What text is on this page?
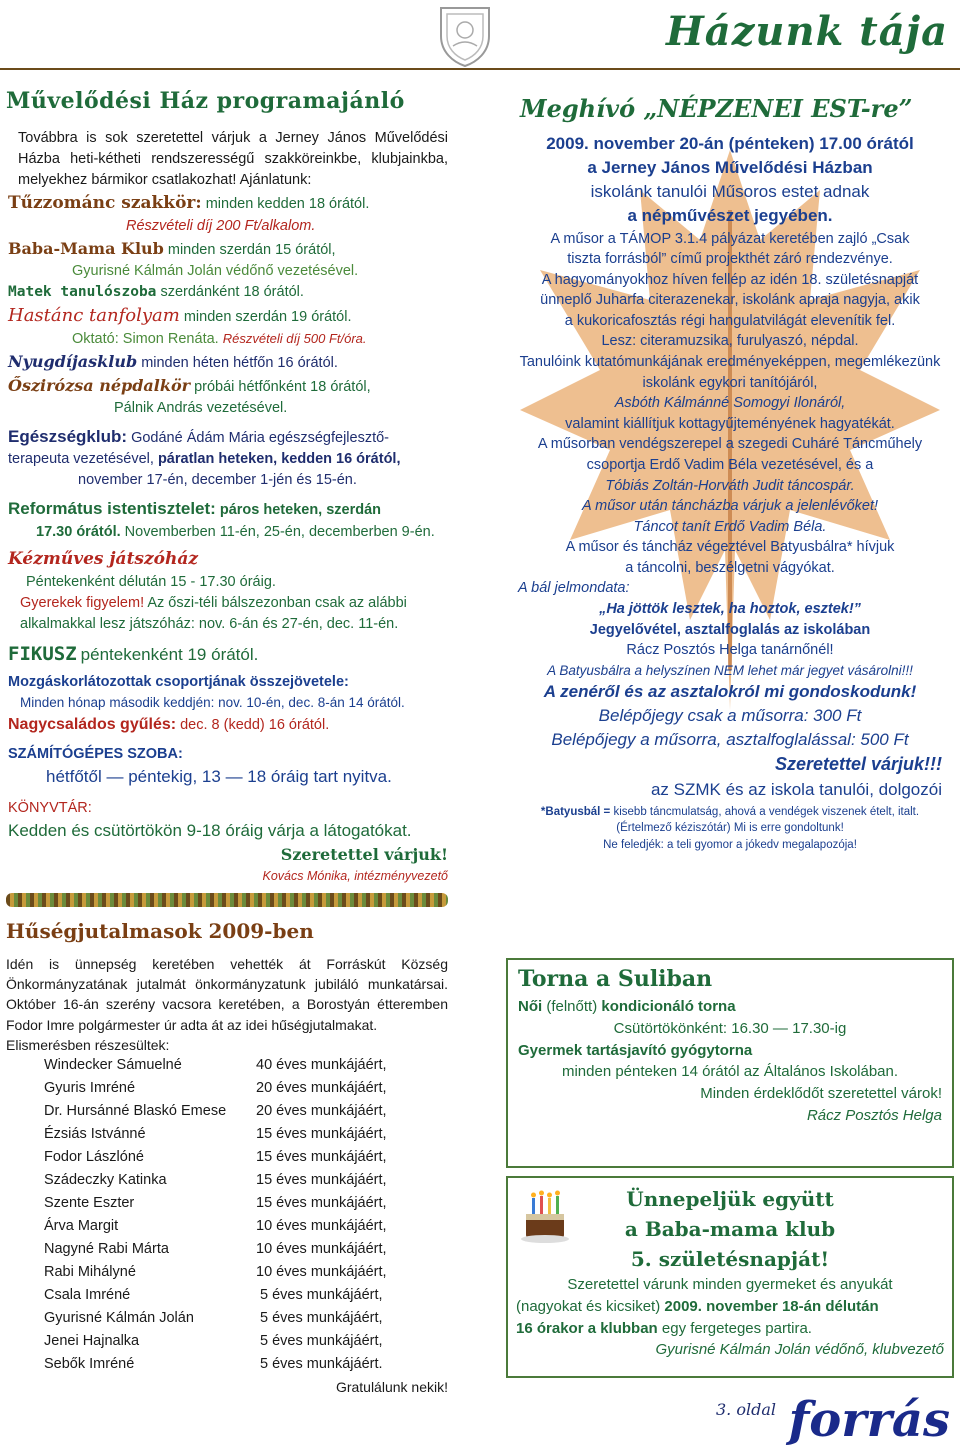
Házunk tája
Művelődési Ház programajánló

Továbbra is sok szeretettel várjuk a Jerney János Művelődési Házba heti-kétheti rendszerességű szakköreinkbe, klubjainkba, melyekhez bármikor csatlakozhat! Ajánlatunk:

Tűzzománc szakkör: minden kedden 18 órától.

Részvételi díj 200 Ft/alkalom.

Baba-Mama Klub minden szerdán 15 órától,

Gyurisné Kálmán Jolán védőnő vezetésével.

Matek tanulószoba szerdánként 18 órától.

Hastánc tanfolyam minden szerdán 19 órától.

Oktató: Simon Renáta. Részvételi díj 500 Ft/óra.

Nyugdíjasklub minden héten hétfőn 16 órától.

Őszirózsa népdalkör próbái hétfőnként 18 órától,

Pálnik András vezetésével.

Egészségklub: Godáné Ádám Mária egészségfejlesztő-

terapeuta vezetésével, páratlan heteken, kedden 16 órától,

november 17-én, december 1-jén és 15-én.

Református istentisztelet: páros heteken, szerdán

17.30 órától. Novemberben 11-én, 25-én, decemberben 9-én.

Kézműves játszóház

Péntekenként délután 15 - 17.30 óráig.

Gyerekek figyelem! Az őszi-téli bálszezonban csak az alábbi

alkalmakkal lesz játszóház: nov. 6-án és 27-én, dec. 11-én.

FIKUSZ péntekenként 19 órától.

Mozgáskorlátozottak csoportjának összejövetele:

Minden hónap második keddjén: nov. 10-én, dec. 8-án 14 órától.

Nagycsaládos gyűlés: dec. 8 (kedd) 16 órától.

SZÁMÍTÓGÉPES SZOBA:

hétfőtől — péntekig, 13 — 18 óráig tart nyitva.

KÖNYVTÁR:

Kedden és csütörtökön 9-18 óráig várja a látogatókat.

Szeretettel várjuk!

Kovács Mónika, intézményvezető

Hűségjutalmasok 2009-ben

Idén is ünnepség keretében vehették át Forráskút Község Önkormányzatának jutalmát önkormányzatunk jubiláló munkatársai. Október 16-án szerény vacsora keretében, a Borostyán étteremben Fodor Imre polgármester úr adta át az idei hűségjutalmakat.

Elismerésben részesültek:

Windecker Sámuelné	40 éves munkájáért,
Gyuris Imréné	20 éves munkájáért,
Dr. Hursánné Blaskó Emese	20 éves munkájáért,
Ézsiás Istvánné	15 éves munkájáért,
Fodor Lászlóné	15 éves munkájáért,
Szádeczky Katinka	15 éves munkájáért,
Szente Eszter	15 éves munkájáért,
Árva Margit	10 éves munkájáért,
Nagyné Rabi Márta	10 éves munkájáért,
Rabi Mihályné	10 éves munkájáért,
Csala Imréné	5 éves munkájáért,
Gyurisné Kálmán Jolán	5 éves munkájáért,
Jenei Hajnalka	5 éves munkájáért,
Sebők Imréné	5 éves munkájáért.

Gratulálunk nekik!

Meghívó „NÉPZENEI EST-re”
2009. november 20-án (pénteken) 17.00 órától
a Jerney János Művelődési Házban
iskolánk tanulói Műsoros estet adnak
a népművészet jegyében.
A műsor a TÁMOP 3.1.4 pályázat keretében zajló „Csak
tiszta forrásból” című projekthét záró rendezvénye.
A hagyományokhoz híven fellép az idén 18. születésnapját
ünneplő Juharfa citerazenekar, iskolánk apraja nagyja, akik
a kukoricafosztás régi hangulatvilágát elevenítik fel.
Lesz: citeramuzsika, furulyaszó, népdal.
Tanulóink kutatómunkájának eredményeképpen, megemlékezünk iskolánk egykori tanítójáról,
Asbóth Kálmánné Somogyi Ilonáról,
valamint kiállítjuk kottagyűjteményének hagyatékát.
A műsorban vendégszerepel a szegedi Cuháré Táncműhely csoportja Erdő Vadim Béla vezetésével, és a
Tóbiás Zoltán-Horváth Judit táncospár.
A műsor után táncházba várjuk a jelenlévőket!
Táncot tanít Erdő Vadim Béla.
A műsor és táncház végeztével Batyusbálra* hívjuk
a táncolni, beszélgetni vágyókat.
A bál jelmondata:
„Ha jöttök lesztek, ha hoztok, esztek!”
Jegyelővétel, asztalfoglalás az iskolában
Rácz Posztós Helga tanárnőnél!
A Batyusbálra a helyszínen NEM lehet már jegyet vásárolni!!!
A zenéről és az asztalokról mi gondoskodunk!
Belépőjegy csak a műsorra: 300 Ft
Belépőjegy a műsorra, asztalfoglalással: 500 Ft
Szeretettel várjuk!!!
az SZMK és az iskola tanulói, dolgozói
*Batyusbál = kisebb táncmulatság, ahová a vendégek viszenek ételt, italt.
(Értelmező kéziszótár) Mi is erre gondoltunk!
Ne feledjék: a teli gyomor a jókedv megalapozója!
Torna a Suliban
Női (felnőtt) kondicionáló torna
Csütörtökönként: 16.30 — 17.30-ig
Gyermek tartásjavító gyógytorna
minden pénteken 14 órától az Általános Iskolában.
Minden érdeklődőt szeretettel várok!
Rácz Posztós Helga
Ünnepeljük együtt
a Baba-mama klub
5. születésnapját!
Szeretettel várunk minden gyermeket és anyukát
(nagyokat és kicsiket) 2009. november 18-án délután
16 órakor a klubban egy fergeteges partira.
Gyurisné Kálmán Jolán védőnő, klubvezető
3. oldal forrás
